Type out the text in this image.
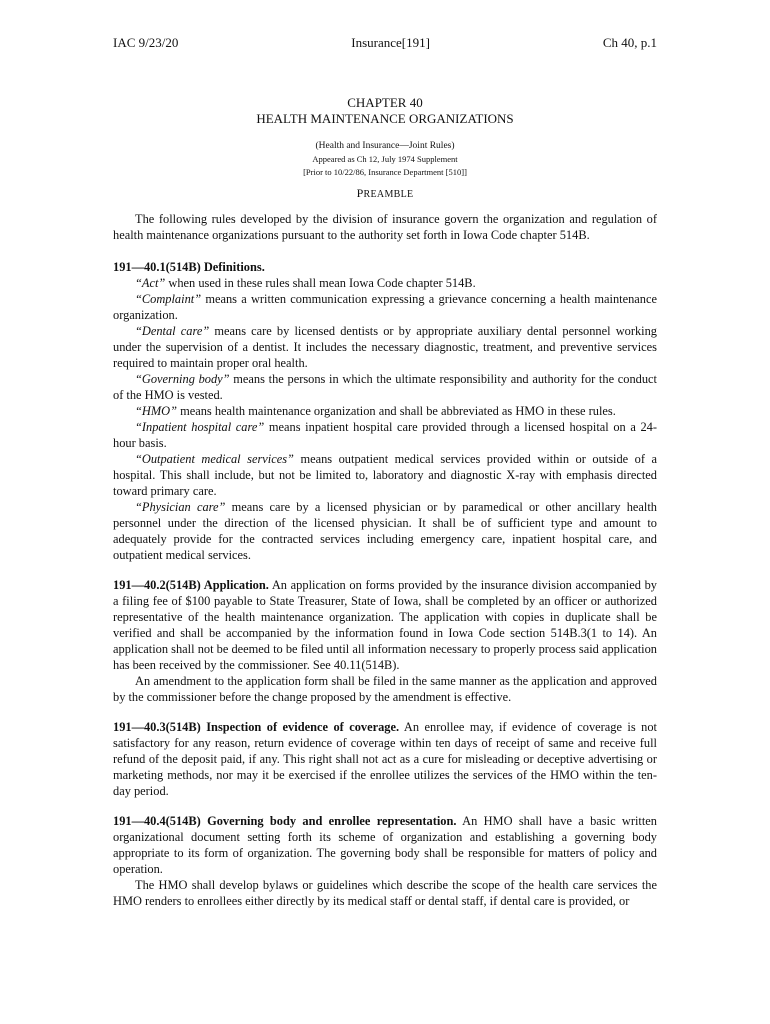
IAC 9/23/20	Insurance[191]	Ch 40, p.1
CHAPTER 40
HEALTH MAINTENANCE ORGANIZATIONS
(Health and Insurance—Joint Rules)
Appeared as Ch 12, July 1974 Supplement
[Prior to 10/22/86, Insurance Department [510]]
PREAMBLE

The following rules developed by the division of insurance govern the organization and regulation of health maintenance organizations pursuant to the authority set forth in Iowa Code chapter 514B.

191—40.1(514B) Definitions.

“Act” when used in these rules shall mean Iowa Code chapter 514B.

“Complaint” means a written communication expressing a grievance concerning a health maintenance organization.

“Dental care” means care by licensed dentists or by appropriate auxiliary dental personnel working under the supervision of a dentist. It includes the necessary diagnostic, treatment, and preventive services required to maintain proper oral health.

“Governing body” means the persons in which the ultimate responsibility and authority for the conduct of the HMO is vested.

“HMO” means health maintenance organization and shall be abbreviated as HMO in these rules.

“Inpatient hospital care” means inpatient hospital care provided through a licensed hospital on a 24-hour basis.

“Outpatient medical services” means outpatient medical services provided within or outside of a hospital. This shall include, but not be limited to, laboratory and diagnostic X-ray with emphasis directed toward primary care.

“Physician care” means care by a licensed physician or by paramedical or other ancillary health personnel under the direction of the licensed physician. It shall be of sufficient type and amount to adequately provide for the contracted services including emergency care, inpatient hospital care, and outpatient medical services.

191—40.2(514B) Application. An application on forms provided by the insurance division accompanied by a filing fee of $100 payable to State Treasurer, State of Iowa, shall be completed by an officer or authorized representative of the health maintenance organization. The application with copies in duplicate shall be verified and shall be accompanied by the information found in Iowa Code section 514B.3(1 to 14). An application shall not be deemed to be filed until all information necessary to properly process said application has been received by the commissioner. See 40.11(514B).

An amendment to the application form shall be filed in the same manner as the application and approved by the commissioner before the change proposed by the amendment is effective.

191—40.3(514B) Inspection of evidence of coverage. An enrollee may, if evidence of coverage is not satisfactory for any reason, return evidence of coverage within ten days of receipt of same and receive full refund of the deposit paid, if any. This right shall not act as a cure for misleading or deceptive advertising or marketing methods, nor may it be exercised if the enrollee utilizes the services of the HMO within the ten-day period.

191—40.4(514B) Governing body and enrollee representation. An HMO shall have a basic written organizational document setting forth its scheme of organization and establishing a governing body appropriate to its form of organization. The governing body shall be responsible for matters of policy and operation.

The HMO shall develop bylaws or guidelines which describe the scope of the health care services the HMO renders to enrollees either directly by its medical staff or dental staff, if dental care is provided, or
